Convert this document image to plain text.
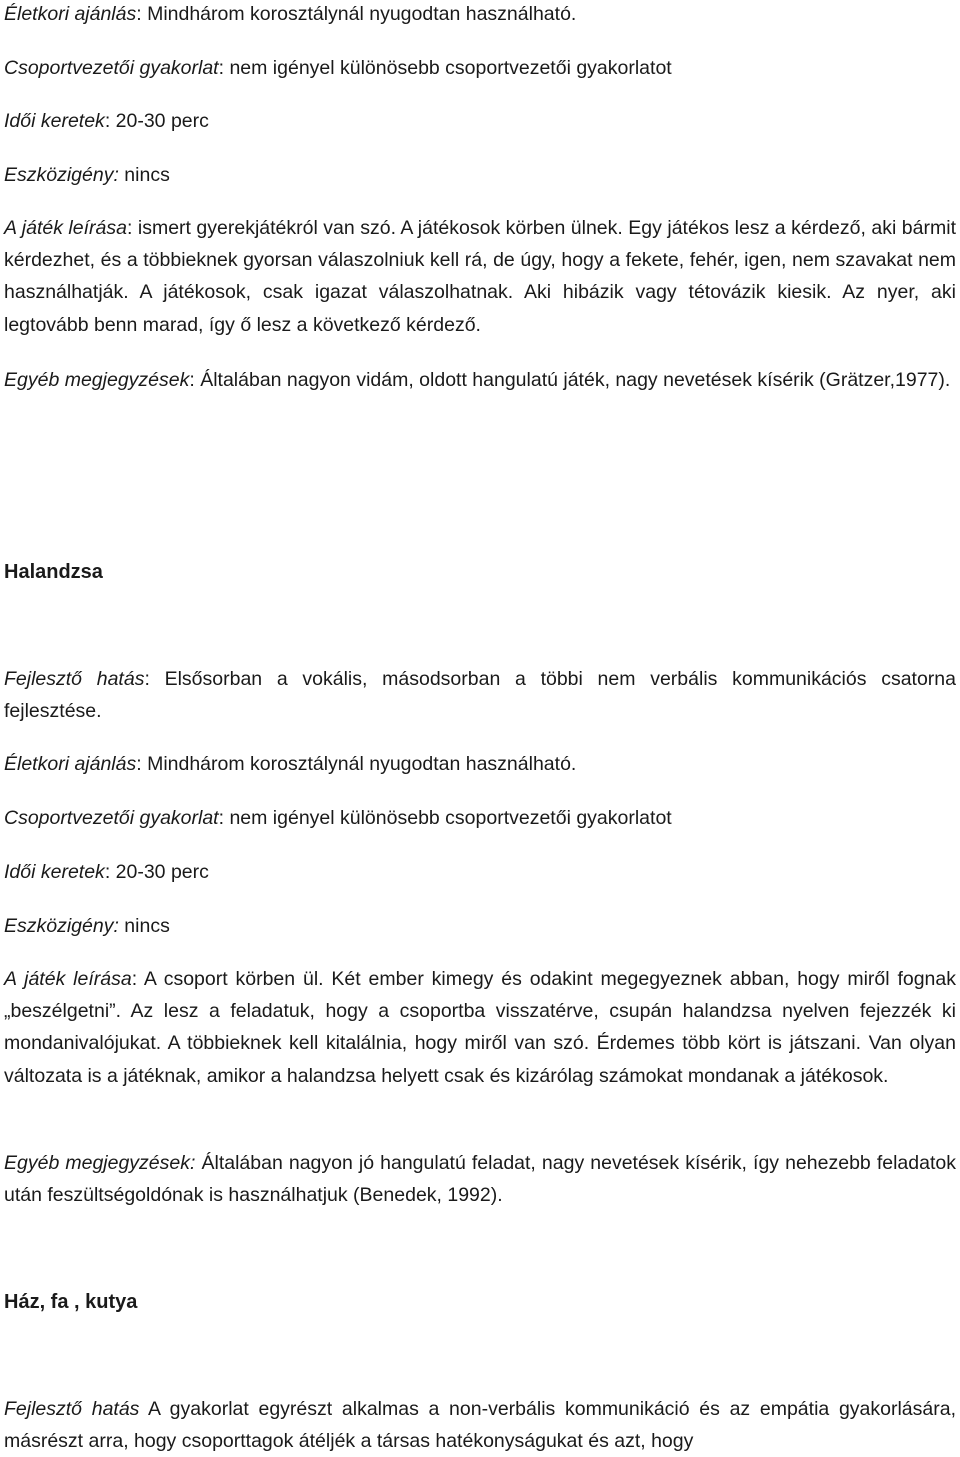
Életkori ajánlás: Mindhárom korosztálynál nyugodtan használható.

Csoportvezetői gyakorlat: nem igényel különösebb csoportvezetői gyakorlatot

Idői keretek: 20-30 perc

Eszközigény: nincs

A játék leírása: ismert gyerekjátékról van szó. A játékosok körben ülnek. Egy játékos lesz a kérdező, aki bármit kérdezhet, és a többieknek gyorsan válaszolniuk kell rá, de úgy, hogy a fekete, fehér, igen, nem szavakat nem használhatják. A játékosok, csak igazat válaszolhatnak. Aki hibázik vagy tétovázik kiesik. Az nyer, aki legtovább benn marad, így ő lesz a következő kérdező.

Egyéb megjegyzések: Általában nagyon vidám, oldott hangulatú játék, nagy nevetések kísérik (Grätzer,1977).

Halandzsa

Fejlesztő hatás: Elsősorban a vokális, másodsorban a többi nem verbális kommunikációs csatorna fejlesztése.

Életkori ajánlás: Mindhárom korosztálynál nyugodtan használható.

Csoportvezetői gyakorlat: nem igényel különösebb csoportvezetői gyakorlatot

Idői keretek: 20-30 perc

Eszközigény: nincs

A játék leírása: A csoport körben ül. Két ember kimegy és odakint megegyeznek abban, hogy miről fognak „beszélgetni”. Az lesz a feladatuk, hogy a csoportba visszatérve, csupán halandzsa nyelven fejezzék ki mondanivalójukat. A többieknek kell kitalálnia, hogy miről van szó. Érdemes több kört is játszani. Van olyan változata is a játéknak, amikor a halandzsa helyett csak és kizárólag számokat mondanak a játékosok.

Egyéb megjegyzések: Általában nagyon jó hangulatú feladat, nagy nevetések kísérik, így nehezebb feladatok után feszültségoldónak is használhatjuk (Benedek, 1992).

Ház, fa , kutya

Fejlesztő hatás A gyakorlat egyrészt alkalmas a non-verbális kommunikáció és az empátia gyakorlására, másrészt arra, hogy csoporttagok átéljék a társas hatékonyságukat és azt, hogy
